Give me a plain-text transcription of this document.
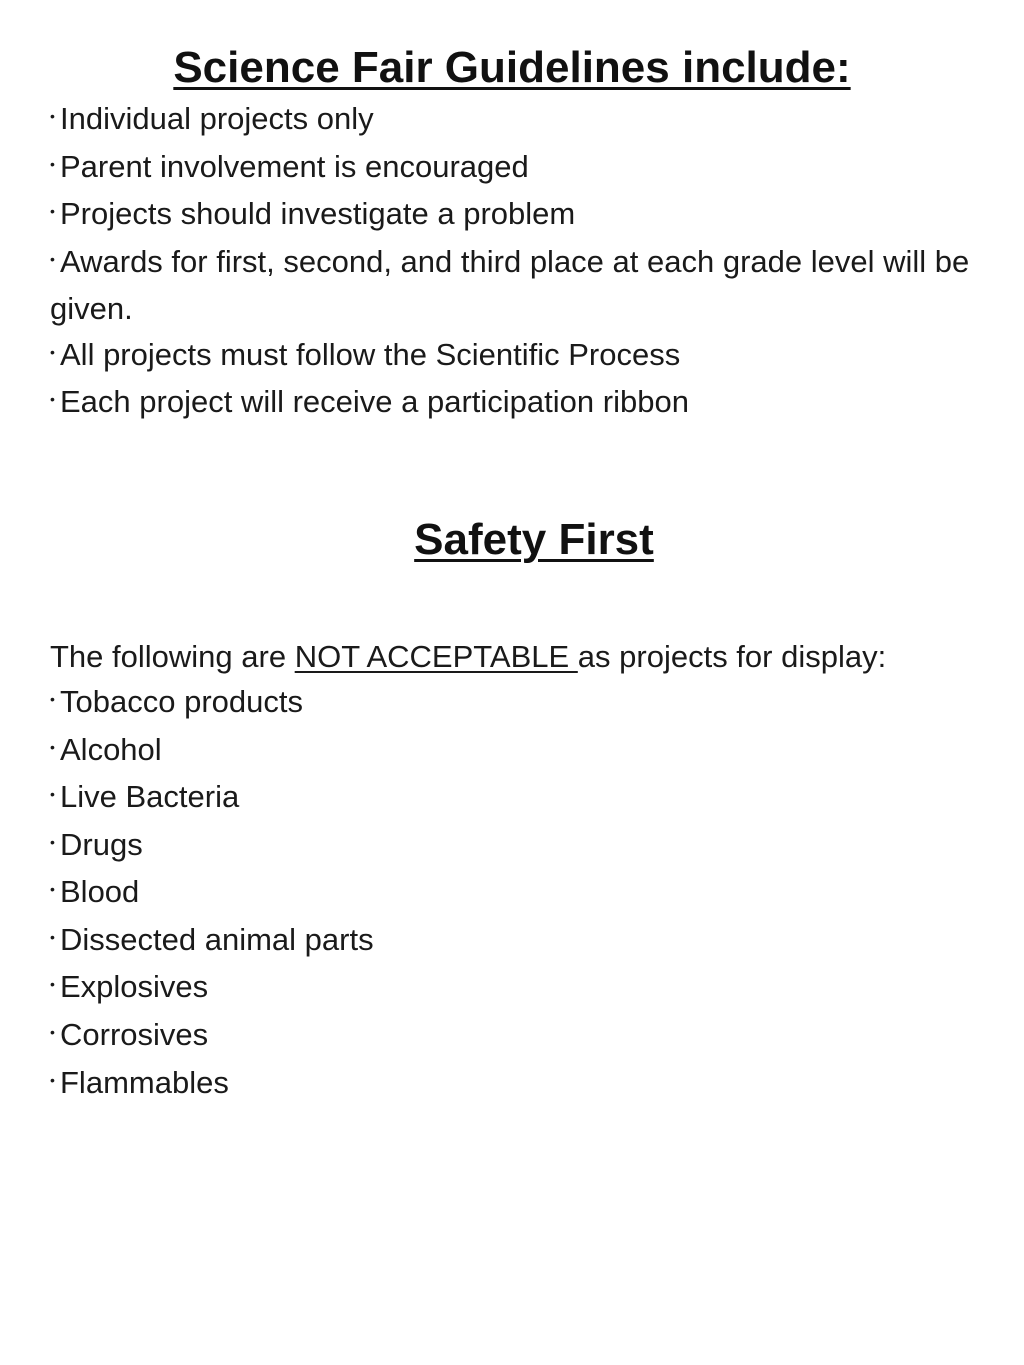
Science Fair Guidelines include:
• Individual projects only
• Parent involvement is encouraged
• Projects should investigate a problem
• Awards for first, second, and third place at each grade level will be given.
• All projects must follow the Scientific Process
• Each project will receive a participation ribbon
Safety First

The following are NOT ACCEPTABLE as projects for display:

• Tobacco products
• Alcohol
• Live Bacteria
• Drugs
• Blood
• Dissected animal parts
• Explosives
• Corrosives
• Flammables
